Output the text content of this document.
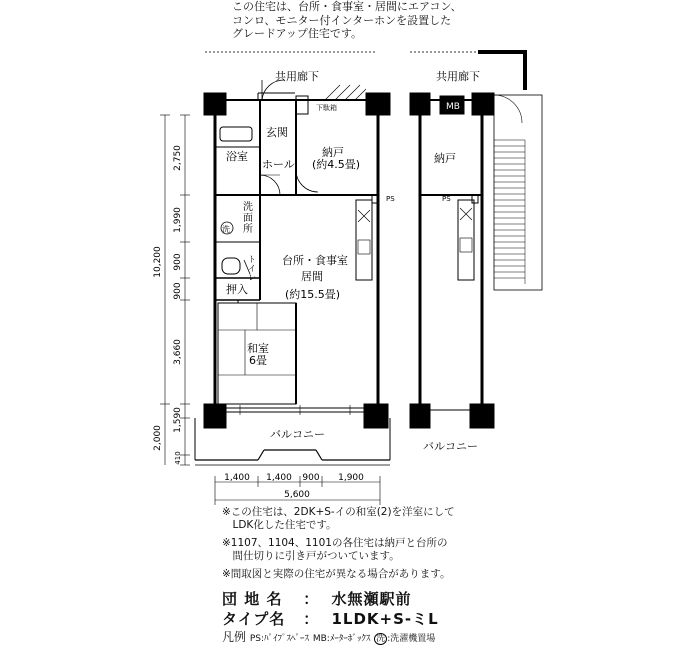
この住宅は、台所・食事室・居間にエアコン、
コンロ、モニター付インターホンを設置した
グレードアップ住宅です。
共用廊下
玄関
浴室
ホール
納戸
(約4.5畳)
下駄箱
PS
台所・食事室
居間
(約15.5畳)
押入
和室
6畳
バルコニー
洗
面
所
洗
ト
イ
レ
共用廊下
MB
納戸
PS
バルコニー
2,750
1,990
900
900
3,660
1,590
2,000
410
10,200
1,400 1,400 900 1,900
5,600
※この住宅は、2DK+S-イの和室(2)を洋室にして
　LDK化した住宅です。
※1107、1104、1101の各住宅は納戸と台所の
　間仕切りに引き戸がついています。
※間取図と実際の住宅が異なる場合があります。
団 地 名 ： 水無瀬駅前
タイプ名 ： 1LDK+S-ミL
凡例 PS:ﾊﾟｲﾌﾟｽﾍﾟｰｽ MB:ﾒｰﾀｰﾎﾞｯｸｽ 洗 :洗濯機置場
